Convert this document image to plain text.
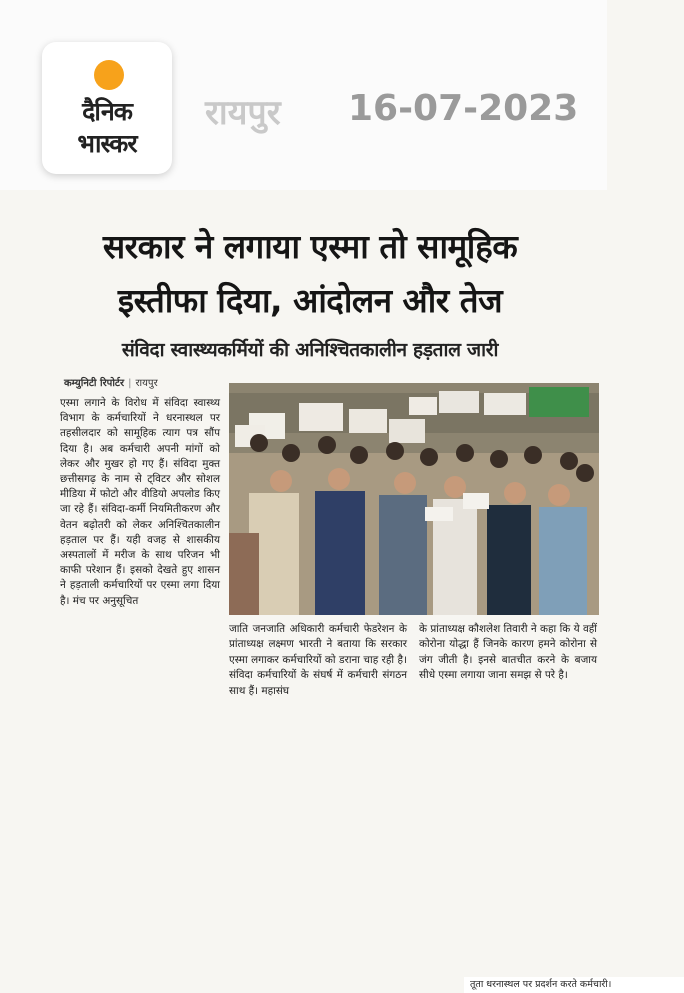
दैनिक
भास्कर
रायपुर 16-07-2023
सरकार ने लगाया एस्मा तो सामूहिक
इस्तीफा दिया, आंदोलन और तेज
संविदा स्वास्थ्यकर्मियों की अनिश्चितकालीन हड़ताल जारी
कम्युनिटी रिपोर्टर | रायपुर
एस्मा लगाने के विरोध में संविदा स्वास्थ्य विभाग के कर्मचारियों ने धरनास्थल पर तहसीलदार को सामूहिक त्याग पत्र सौंप दिया है। अब कर्मचारी अपनी मांगों को लेकर और मुखर हो गए हैं। संविदा मुक्त छत्तीसगढ़ के नाम से ट्विटर और सोशल मीडिया में फोटो और वीडियो अपलोड किए जा रहे हैं। संविदा-कर्मी नियमितीकरण और वेतन बढ़ोतरी को लेकर अनिश्चितकालीन हड़ताल पर हैं। यही वजह से शासकीय अस्पतालों में मरीज के साथ परिजन भी काफी परेशान हैं। इसको देखते हुए शासन ने हड़ताली कर्मचारियों पर एस्मा लगा दिया है। मंच पर अनुसूचित
तूता धरनास्थल पर प्रदर्शन करते कर्मचारी।
जाति जनजाति अधिकारी कर्मचारी फेडरेशन के प्रांताध्यक्ष लक्ष्मण भारती ने बताया कि सरकार एस्मा लगाकर कर्मचारियों को डराना चाह रही है। संविदा कर्मचारियों के संघर्ष में कर्मचारी संगठन साथ हैं। महासंघ
के प्रांताध्यक्ष कौशलेश तिवारी ने कहा कि ये वहीं कोरोना योद्धा हैं जिनके कारण हमने कोरोना से जंग जीती है। इनसे बातचीत करने के बजाय सीधे एस्मा लगाया जाना समझ से परे है।
